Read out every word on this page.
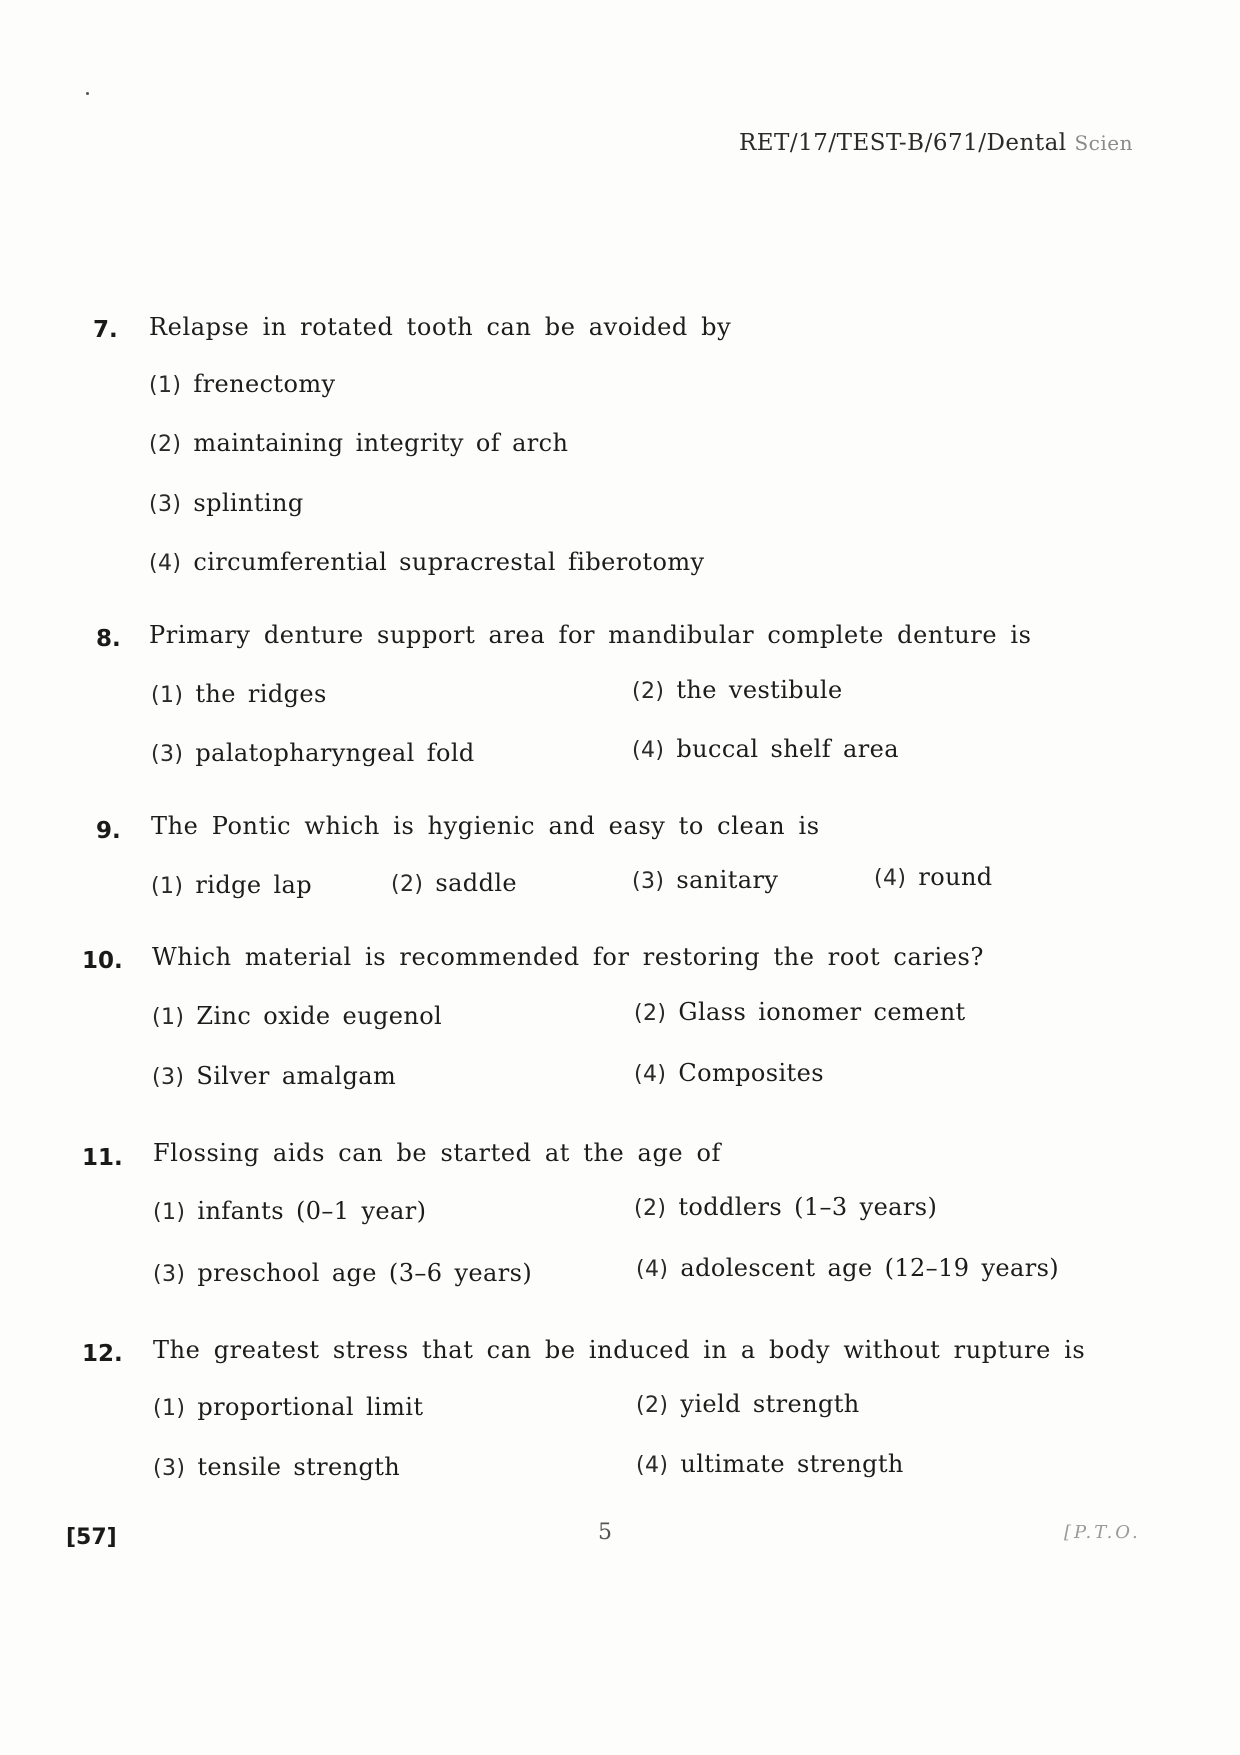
RET/17/TEST-B/671/Dental Scien
7. Relapse in rotated tooth can be avoided by
(1) frenectomy
(2) maintaining integrity of arch
(3) splinting
(4) circumferential supracrestal fiberotomy
8. Primary denture support area for mandibular complete denture is
(1) the ridges	(2) the vestibule
(3) palatopharyngeal fold	(4) buccal shelf area
9. The Pontic which is hygienic and easy to clean is
(1) ridge lap	(2) saddle	(3) sanitary	(4) round
10. Which material is recommended for restoring the root caries?
(1) Zinc oxide eugenol	(2) Glass ionomer cement
(3) Silver amalgam	(4) Composites
11. Flossing aids can be started at the age of
(1) infants (0–1 year)	(2) toddlers (1–3 years)
(3) preschool age (3–6 years)	(4) adolescent age (12–19 years)
12. The greatest stress that can be induced in a body without rupture is
(1) proportional limit	(2) yield strength
(3) tensile strength	(4) ultimate strength
[57]	5	[P.T.O.
